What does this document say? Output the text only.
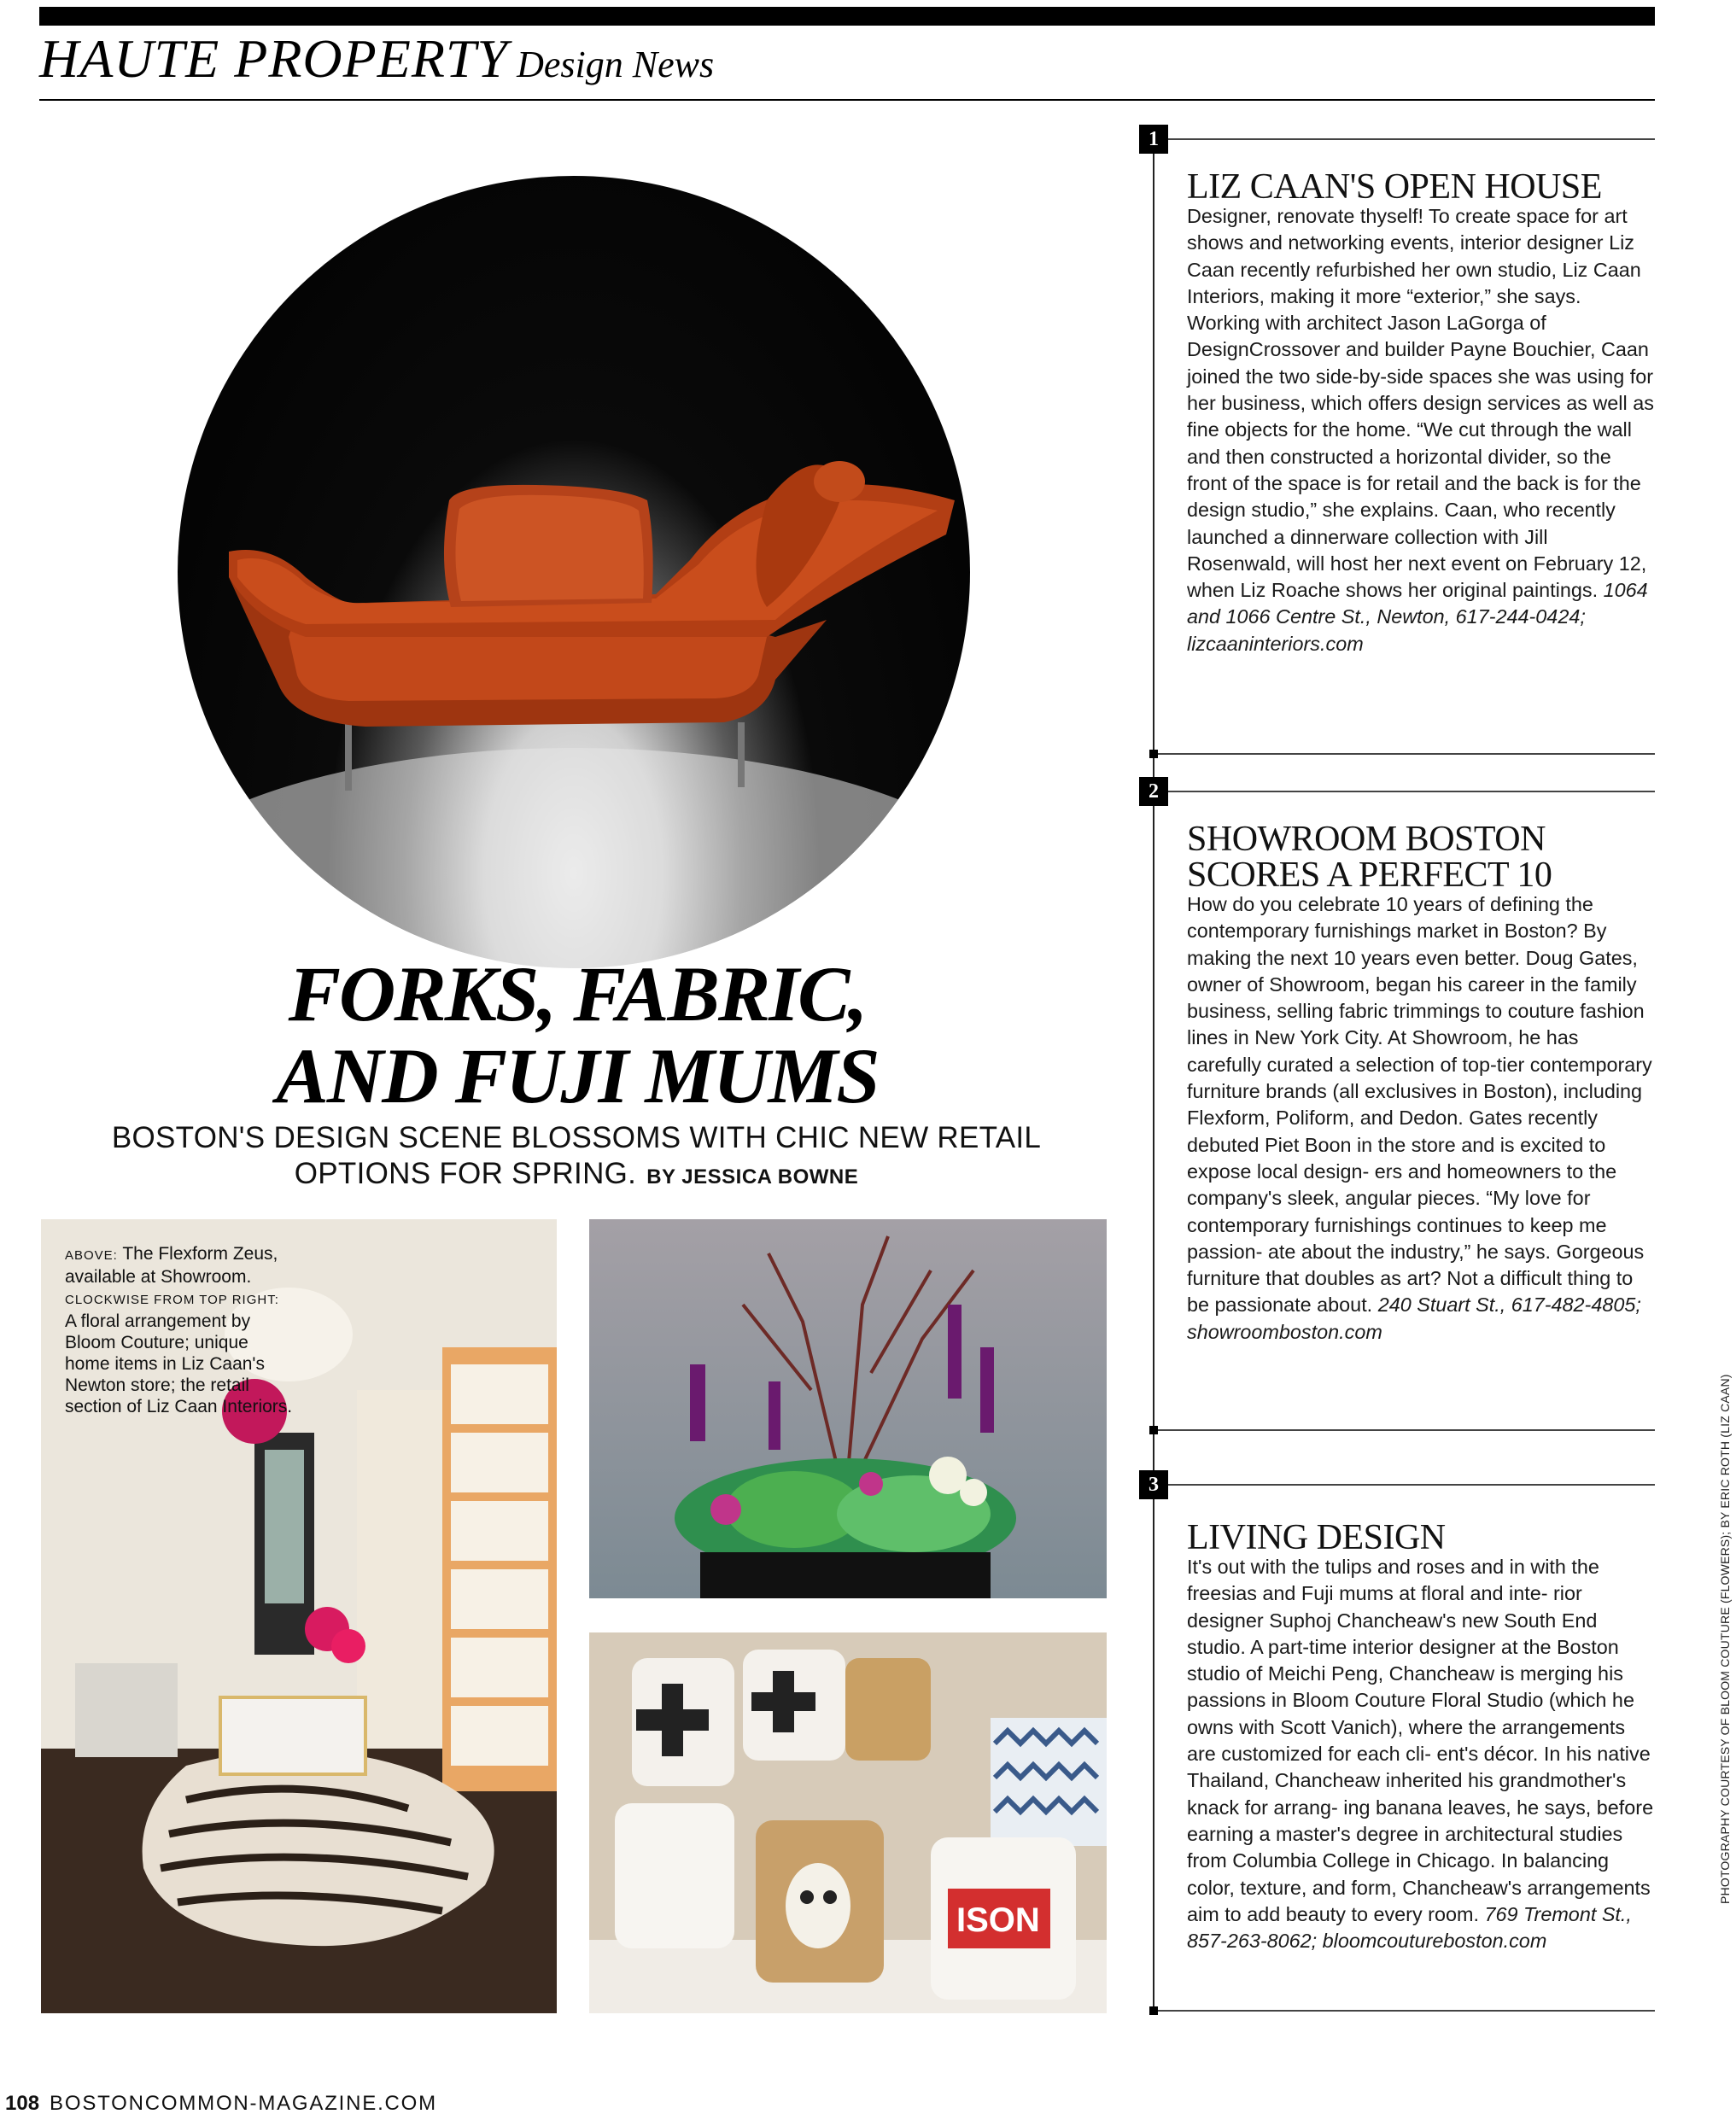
HAUTE PROPERTY Design News
FORKS, FABRIC,
AND FUJI MUMS
BOSTON'S DESIGN SCENE BLOSSOMS WITH CHIC NEW RETAIL OPTIONS FOR SPRING. BY JESSICA BOWNE
ABOVE: The Flexform Zeus, available at Showroom.
CLOCKWISE FROM TOP RIGHT:
A floral arrangement by Bloom Couture; unique home items in Liz Caan's Newton store; the retail section of Liz Caan Interiors.
ISON
1
LIZ CAAN'S OPEN HOUSE
Designer, renovate thyself! To create space for art shows and networking events, interior designer Liz Caan recently refurbished her own studio, Liz Caan Interiors, making it more “exterior,” she says. Working with architect Jason LaGorga of DesignCrossover and builder Payne Bouchier, Caan joined the two side-by-side spaces she was using for her business, which offers design services as well as fine objects for the home. “We cut through the wall and then constructed a horizontal divider, so the front of the space is for retail and the back is for the design studio,” she explains. Caan, who recently launched a dinnerware collection with Jill Rosenwald, will host her next event on February 12, when Liz Roache shows her original paintings. 1064 and 1066 Centre St., Newton, 617-244-0424; lizcaaninteriors.com
2
SHOWROOM BOSTON SCORES A PERFECT 10
How do you celebrate 10 years of defining the contemporary furnishings market in Boston? By making the next 10 years even better. Doug Gates, owner of Showroom, began his career in the family business, selling fabric trimmings to couture fashion lines in New York City. At Showroom, he has carefully curated a selection of top-tier contemporary furniture brands (all exclusives in Boston), including Flexform, Poliform, and Dedon. Gates recently debuted Piet Boon in the store and is excited to expose local design- ers and homeowners to the company's sleek, angular pieces. “My love for contemporary furnishings continues to keep me passion- ate about the industry,” he says. Gorgeous furniture that doubles as art? Not a difficult thing to be passionate about. 240 Stuart St., 617-482-4805; showroomboston.com
3
LIVING DESIGN
It's out with the tulips and roses and in with the freesias and Fuji mums at floral and inte- rior designer Suphoj Chancheaw's new South End studio. A part-time interior designer at the Boston studio of Meichi Peng, Chancheaw is merging his passions in Bloom Couture Floral Studio (which he owns with Scott Vanich), where the arrangements are customized for each cli- ent's décor. In his native Thailand, Chancheaw inherited his grandmother's knack for arrang- ing banana leaves, he says, before earning a master's degree in architectural studies from Columbia College in Chicago. In balancing color, texture, and form, Chancheaw's arrangements aim to add beauty to every room. 769 Tremont St., 857-263-8062; bloomcoutureboston.com
PHOTOGRAPHY COURTESY OF BLOOM COUTURE (FLOWERS); BY ERIC ROTH (LIZ CAAN)
108 BOSTONCOMMON-MAGAZINE.COM
